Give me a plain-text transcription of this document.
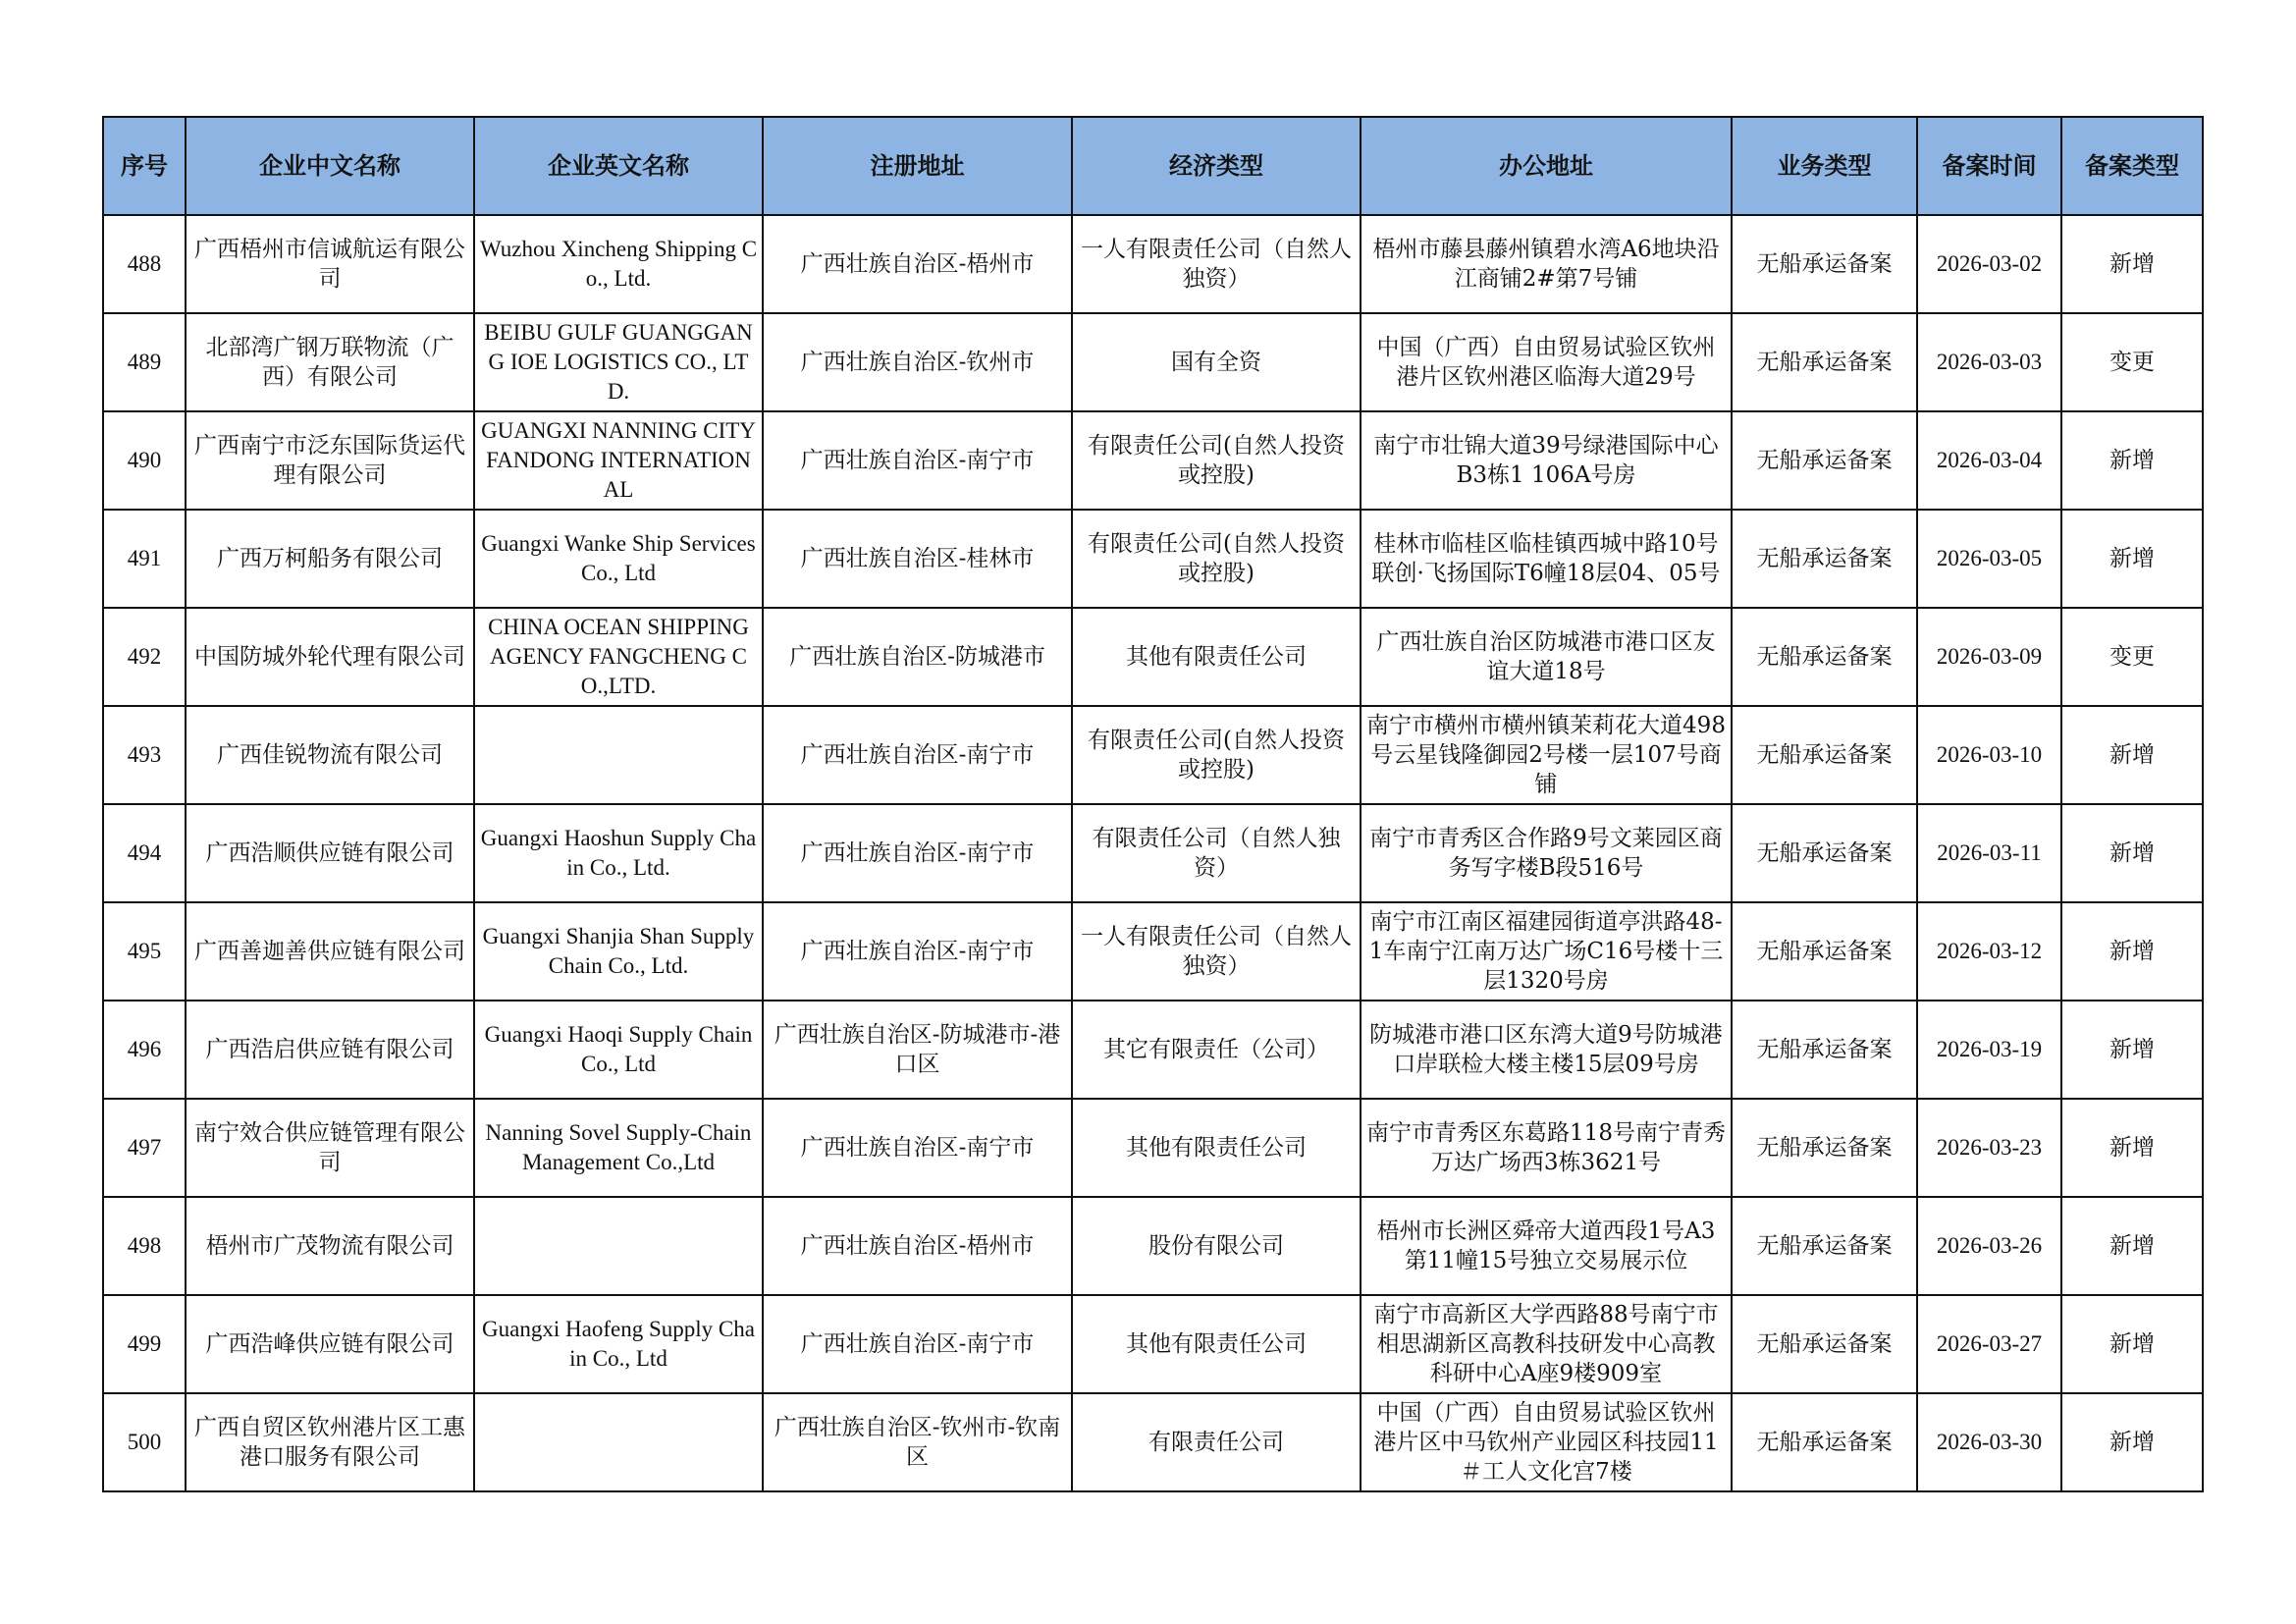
序号	企业中文名称	企业英文名称	注册地址	经济类型	办公地址	业务类型	备案时间	备案类型
488	广西梧州市信诚航运有限公司	Wuzhou Xincheng Shipping Co., Ltd.	广西壮族自治区-梧州市	一人有限责任公司（自然人独资）	梧州市藤县藤州镇碧水湾A6地块沿江商铺2#第7号铺	无船承运备案	2026-03-02	新增
489	北部湾广钢万联物流（广西）有限公司	BEIBU GULF GUANGGANG IOE LOGISTICS CO., LTD.	广西壮族自治区-钦州市	国有全资	中国（广西）自由贸易试验区钦州港片区钦州港区临海大道29号	无船承运备案	2026-03-03	变更
490	广西南宁市泛东国际货运代理有限公司	GUANGXI NANNING CITY FANDONG INTERNATIONAL	广西壮族自治区-南宁市	有限责任公司(自然人投资或控股)	南宁市壮锦大道39号绿港国际中心B3栋1 106A号房	无船承运备案	2026-03-04	新增
491	广西万柯船务有限公司	Guangxi Wanke Ship Services Co., Ltd	广西壮族自治区-桂林市	有限责任公司(自然人投资或控股)	桂林市临桂区临桂镇西城中路10号联创·飞扬国际T6幢18层04、05号	无船承运备案	2026-03-05	新增
492	中国防城外轮代理有限公司	CHINA OCEAN SHIPPING AGENCY FANGCHENG CO.,LTD.	广西壮族自治区-防城港市	其他有限责任公司	广西壮族自治区防城港市港口区友谊大道18号	无船承运备案	2026-03-09	变更
493	广西佳锐物流有限公司		广西壮族自治区-南宁市	有限责任公司(自然人投资或控股)	南宁市横州市横州镇茉莉花大道498号云星钱隆御园2号楼一层107号商铺	无船承运备案	2026-03-10	新增
494	广西浩顺供应链有限公司	Guangxi Haoshun Supply Chain Co., Ltd.	广西壮族自治区-南宁市	有限责任公司（自然人独资）	南宁市青秀区合作路9号文莱园区商务写字楼B段516号	无船承运备案	2026-03-11	新增
495	广西善迦善供应链有限公司	Guangxi Shanjia Shan Supply Chain Co., Ltd.	广西壮族自治区-南宁市	一人有限责任公司（自然人独资）	南宁市江南区福建园街道亭洪路48-1车南宁江南万达广场C16号楼十三层1320号房	无船承运备案	2026-03-12	新增
496	广西浩启供应链有限公司	Guangxi Haoqi Supply Chain Co., Ltd	广西壮族自治区-防城港市-港口区	其它有限责任（公司）	防城港市港口区东湾大道9号防城港口岸联检大楼主楼15层09号房	无船承运备案	2026-03-19	新增
497	南宁效合供应链管理有限公司	Nanning Sovel Supply-Chain Management Co.,Ltd	广西壮族自治区-南宁市	其他有限责任公司	南宁市青秀区东葛路118号南宁青秀万达广场西3栋3621号	无船承运备案	2026-03-23	新增
498	梧州市广茂物流有限公司		广西壮族自治区-梧州市	股份有限公司	梧州市长洲区舜帝大道西段1号A3第11幢15号独立交易展示位	无船承运备案	2026-03-26	新增
499	广西浩峰供应链有限公司	Guangxi Haofeng Supply Chain Co., Ltd	广西壮族自治区-南宁市	其他有限责任公司	南宁市高新区大学西路88号南宁市相思湖新区高教科技研发中心高教科研中心A座9楼909室	无船承运备案	2026-03-27	新增
500	广西自贸区钦州港片区工惠港口服务有限公司		广西壮族自治区-钦州市-钦南区	有限责任公司	中国（广西）自由贸易试验区钦州港片区中马钦州产业园区科技园11＃工人文化宫7楼	无船承运备案	2026-03-30	新增
